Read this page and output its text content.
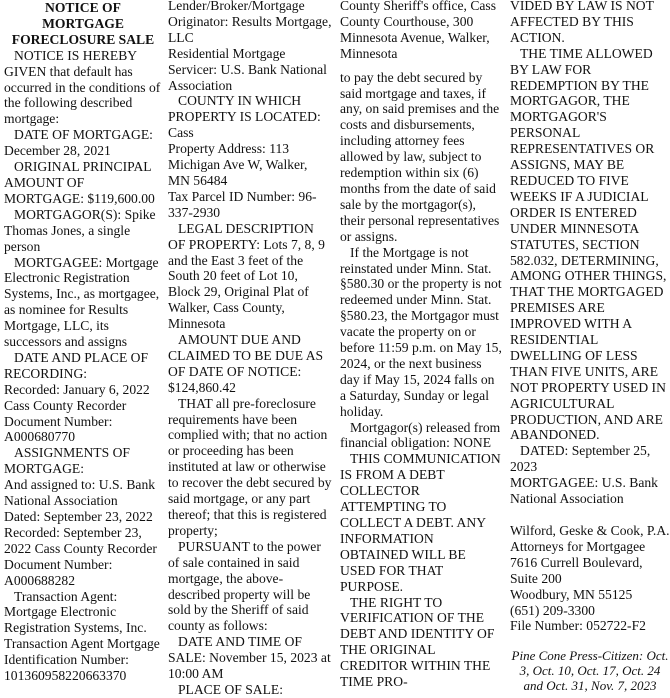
NOTICE OF MORTGAGE FORECLOSURE SALE

NOTICE IS HEREBY GIVEN that default has occurred in the conditions of the following described mortgage:

DATE OF MORTGAGE: December 28, 2021

ORIGINAL PRINCIPAL AMOUNT OF MORTGAGE: $119,600.00

MORTGAGOR(S): Spike Thomas Jones, a single person

MORTGAGEE: Mortgage Electronic Registration Systems, Inc., as mortgagee, as nominee for Results Mortgage, LLC, its successors and assigns

DATE AND PLACE OF RECORDING:

Recorded: January 6, 2022 Cass County Recorder Document Number: A000680770

ASSIGNMENTS OF MORTGAGE:

And assigned to: U.S. Bank National Association

Dated: September 23, 2022 Recorded: September 23, 2022 Cass County Recorder

Document Number: A000688282

Transaction Agent: Mortgage Electronic Registration Systems, Inc.

Transaction Agent Mortgage Identification Number: 101360958220663370

Lender/Broker/Mortgage Originator: Results Mortgage, LLC

Residential Mortgage Servicer: U.S. Bank National Association

COUNTY IN WHICH PROPERTY IS LOCATED: Cass

Property Address: 113 Michigan Ave W, Walker, MN 56484

Tax Parcel ID Number: 96-337-2930

LEGAL DESCRIPTION OF PROPERTY: Lots 7, 8, 9 and the East 3 feet of the South 20 feet of Lot 10, Block 29, Original Plat of Walker, Cass County, Minnesota

AMOUNT DUE AND CLAIMED TO BE DUE AS OF DATE OF NOTICE: $124,860.42

THAT all pre-foreclosure requirements have been complied with; that no action or proceeding has been instituted at law or otherwise to recover the debt secured by said mortgage, or any part thereof; that this is registered property;

PURSUANT to the power of sale contained in said mortgage, the above-described property will be sold by the Sheriff of said county as follows:

DATE AND TIME OF SALE: November 15, 2023 at 10:00 AM

PLACE OF SALE:

County Sheriff's office, Cass County Courthouse, 300 Minnesota Avenue, Walker, Minnesota

to pay the debt secured by said mortgage and taxes, if any, on said premises and the costs and disbursements, including attorney fees allowed by law, subject to redemption within six (6) months from the date of said sale by the mortgagor(s), their personal representatives or assigns.

If the Mortgage is not reinstated under Minn. Stat. §580.30 or the property is not redeemed under Minn. Stat. §580.23, the Mortgagor must vacate the property on or before 11:59 p.m. on May 15, 2024, or the next business day if May 15, 2024 falls on a Saturday, Sunday or legal holiday.

Mortgagor(s) released from financial obligation: NONE

THIS COMMUNICATION IS FROM A DEBT COLLECTOR ATTEMPTING TO COLLECT A DEBT. ANY INFORMATION OBTAINED WILL BE USED FOR THAT PURPOSE.

THE RIGHT TO VERIFICATION OF THE DEBT AND IDENTITY OF THE ORIGINAL CREDITOR WITHIN THE TIME PRO-

VIDED BY LAW IS NOT AFFECTED BY THIS ACTION.

THE TIME ALLOWED BY LAW FOR REDEMPTION BY THE MORTGAGOR, THE MORTGAGOR'S PERSONAL REPRESENTATIVES OR ASSIGNS, MAY BE REDUCED TO FIVE WEEKS IF A JUDICIAL ORDER IS ENTERED UNDER MINNESOTA STATUTES, SECTION 582.032, DETERMINING, AMONG OTHER THINGS, THAT THE MORTGAGED PREMISES ARE IMPROVED WITH A RESIDENTIAL DWELLING OF LESS THAN FIVE UNITS, ARE NOT PROPERTY USED IN AGRICULTURAL PRODUCTION, AND ARE ABANDONED.

DATED: September 25, 2023

MORTGAGEE: U.S. Bank National Association

Wilford, Geske & Cook, P.A.

Attorneys for Mortgagee

7616 Currell Boulevard, Suite 200

Woodbury, MN 55125

(651) 209-3300

File Number: 052722-F2

Pine Cone Press-Citizen: Oct. 3, Oct. 10, Oct. 17, Oct. 24 and Oct. 31, Nov. 7, 2023
